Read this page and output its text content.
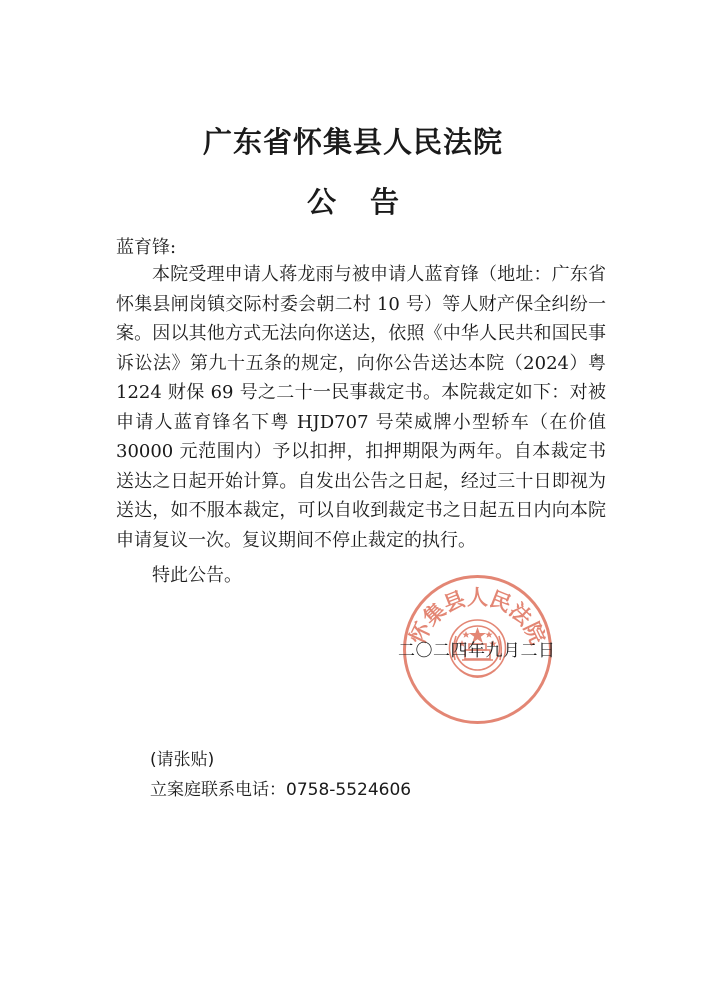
广东省怀集县人民法院
公告
蓝育锋:

本院受理申请人蒋龙雨与被申请人蓝育锋（地址：广东省怀集县闸岗镇交际村委会朝二村 10 号）等人财产保全纠纷一案。因以其他方式无法向你送达，依照《中华人民共和国民事诉讼法》第九十五条的规定，向你公告送达本院（2024）粤 1224 财保 69 号之二十一民事裁定书。本院裁定如下：对被申请人蓝育锋名下粤 HJD707 号荣威牌小型轿车（在价值 30000 元范围内）予以扣押，扣押期限为两年。自本裁定书送达之日起开始计算。自发出公告之日起，经过三十日即视为送达，如不服本裁定，可以自收到裁定书之日起五日内向本院申请复议一次。复议期间不停止裁定的执行。

特此公告。
怀集县人民法院
二〇二四年九月二日
(请张贴)
立案庭联系电话：0758-5524606
